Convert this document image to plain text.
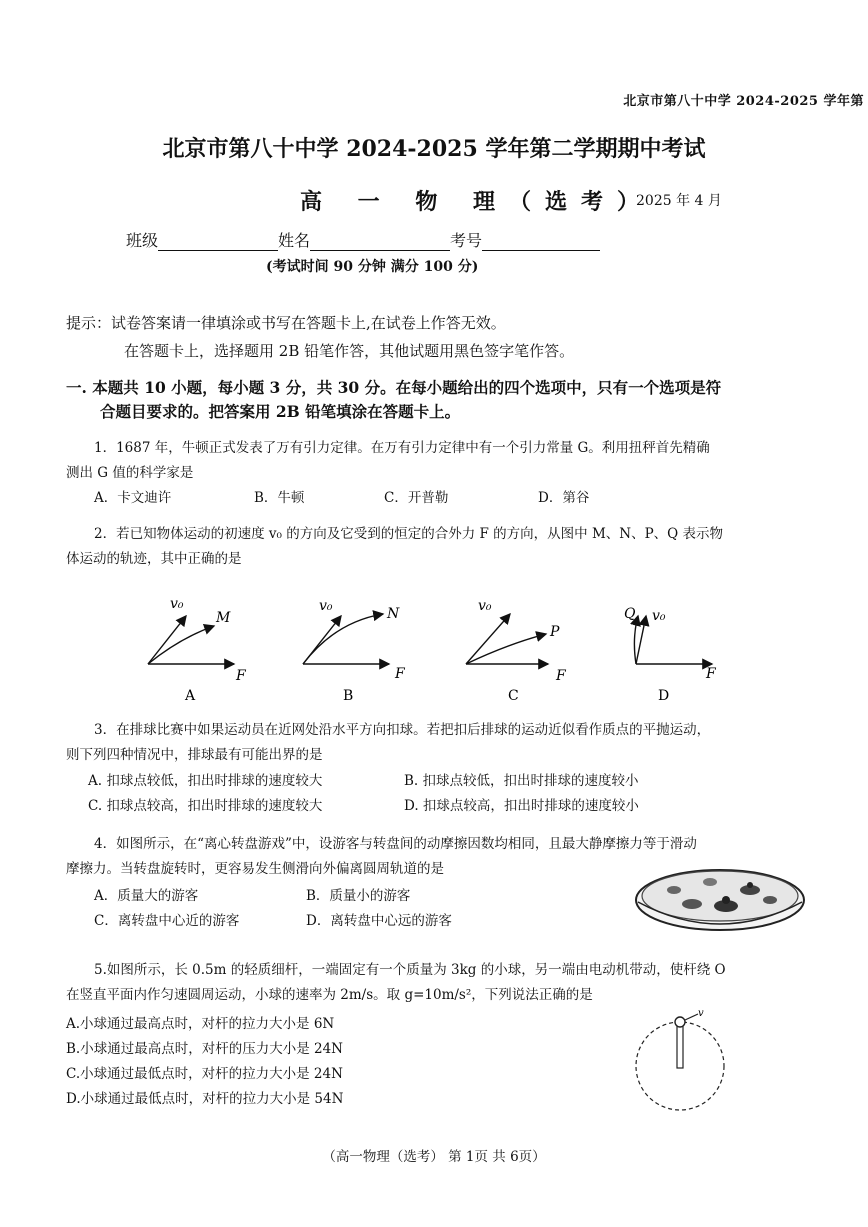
北京市第八十中学 2024-2025 学年第
北京市第八十中学 2024-2025 学年第二学期期中考试
高 一 物 理（选考）
2025 年 4 月
班级	姓名	考号
(考试时间 90 分钟 满分 100 分)
提示：试卷答案请一律填涂或书写在答题卡上,在试卷上作答无效。
在答题卡上，选择题用 2B 铅笔作答，其他试题用黑色签字笔作答。
一. 本题共 10 小题，每小题 3 分，共 30 分。在每小题给出的四个选项中，只有一个选项是符
合题目要求的。把答案用 2B 铅笔填涂在答题卡上。
1．1687 年，牛顿正式发表了万有引力定律。在万有引力定律中有一个引力常量 G。利用扭秤首先精确
测出 G 值的科学家是
A．卡文迪许	B．牛顿	C．开普勒	D．第谷
2．若已知物体运动的初速度 v₀ 的方向及它受到的恒定的合外力 F 的方向，从图中 M、N、P、Q 表示物
体运动的轨迹，其中正确的是
v₀
M
F
A
v₀	N
F
B
v₀
P
F
C
Q v₀
F
D
3．在排球比赛中如果运动员在近网处沿水平方向扣球。若把扣后排球的运动近似看作质点的平抛运动，
则下列四种情况中，排球最有可能出界的是
A. 扣球点较低，扣出时排球的速度较大	B. 扣球点较低，扣出时排球的速度较小
C. 扣球点较高，扣出时排球的速度较大	D. 扣球点较高，扣出时排球的速度较小
4．如图所示，在“离心转盘游戏”中，设游客与转盘间的动摩擦因数均相同，且最大静摩擦力等于滑动
摩擦力。当转盘旋转时，更容易发生侧滑向外偏离圆周轨道的是
A．质量大的游客	B．质量小的游客
C．离转盘中心近的游客	D．离转盘中心远的游客
5.如图所示，长 0.5m 的轻质细杆，一端固定有一个质量为 3kg 的小球，另一端由电动机带动，使杆绕 O
在竖直平面内作匀速圆周运动，小球的速率为 2m/s。取 g=10m/s²，下列说法正确的是
A.小球通过最高点时，对杆的拉力大小是 6N
B.小球通过最高点时，对杆的压力大小是 24N
C.小球通过最低点时，对杆的拉力大小是 24N
D.小球通过最低点时，对杆的拉力大小是 54N
v
（高一物理（选考） 第 1页 共 6页）
